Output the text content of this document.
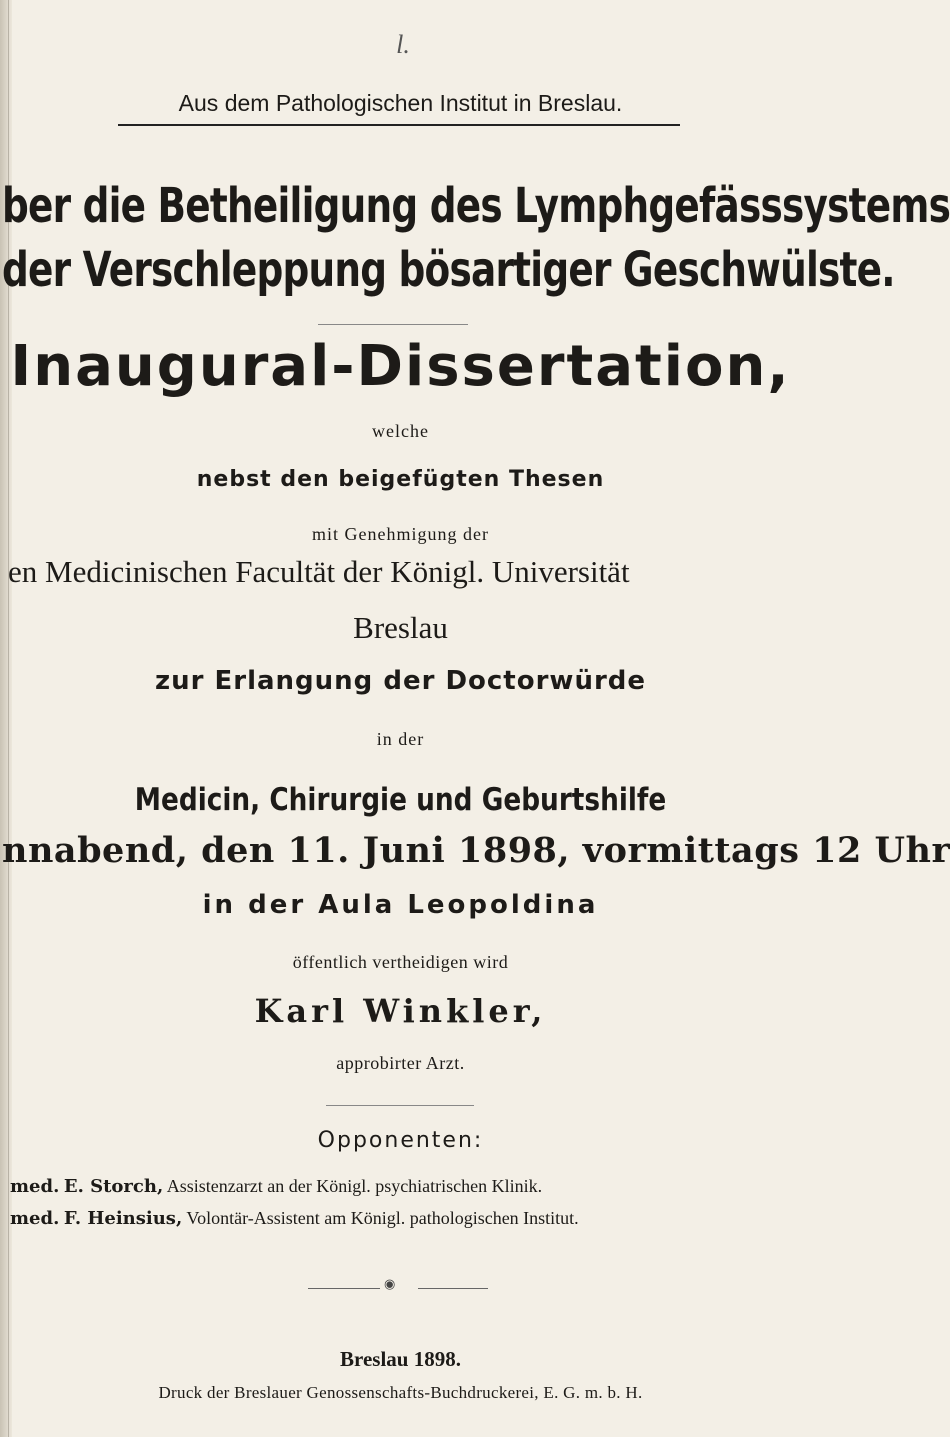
l.
Aus dem Pathologischen Institut in Breslau.
ber die Betheiligung des Lymphgefässsystems
der Verschleppung bösartiger Geschwülste.
Inaugural-Dissertation,
welche
nebst den beigefügten Thesen
mit Genehmigung der
en Medicinischen Facultät der Königl. Universität
Breslau
zur Erlangung der Doctorwürde
in der
Medicin, Chirurgie und Geburtshilfe
nnabend, den 11. Juni 1898, vormittags 12 Uhr
in der Aula Leopoldina
öffentlich vertheidigen wird
Karl Winkler,
approbirter Arzt.
Opponenten:
med. E. Storch, Assistenzarzt an der Königl. psychiatrischen Klinik.
med. F. Heinsius, Volontär-Assistent am Königl. pathologischen Institut.
◉
Breslau 1898.
Druck der Breslauer Genossenschafts-Buchdruckerei, E. G. m. b. H.
